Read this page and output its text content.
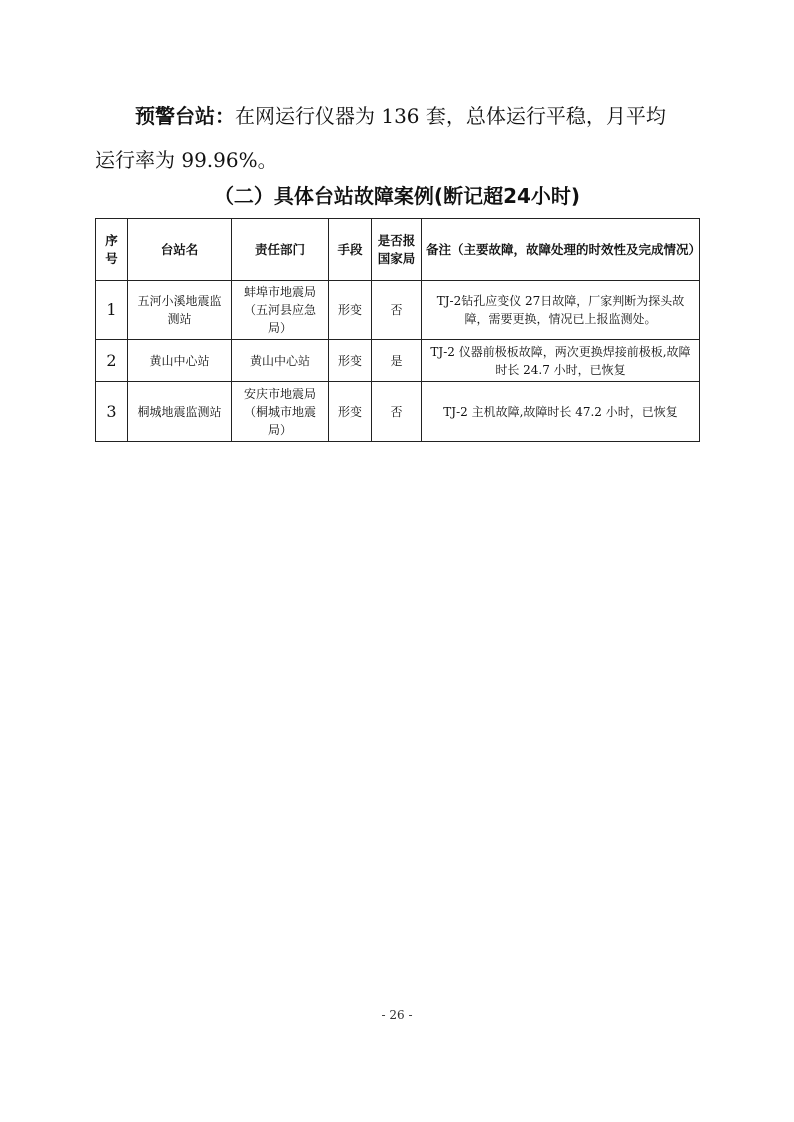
预警台站：在网运行仪器为 136 套，总体运行平稳，月平均
运行率为 99.96%。
（二）具体台站故障案例(断记超24小时)
序号	台站名	责任部门	手段	是否报国家局	备注（主要故障，故障处理的时效性及完成情况）
1	五河小溪地震监测站	蚌埠市地震局（五河县应急局）	形变	否	TJ-2钻孔应变仪 27日故障，厂家判断为探头故障，需要更换，情况已上报监测处。
2	黄山中心站	黄山中心站	形变	是	TJ-2 仪器前极板故障，两次更换焊接前极板,故障时长 24.7 小时，已恢复
3	桐城地震监测站	安庆市地震局（桐城市地震局）	形变	否	TJ-2 主机故障,故障时长 47.2 小时，已恢复
- 26 -
